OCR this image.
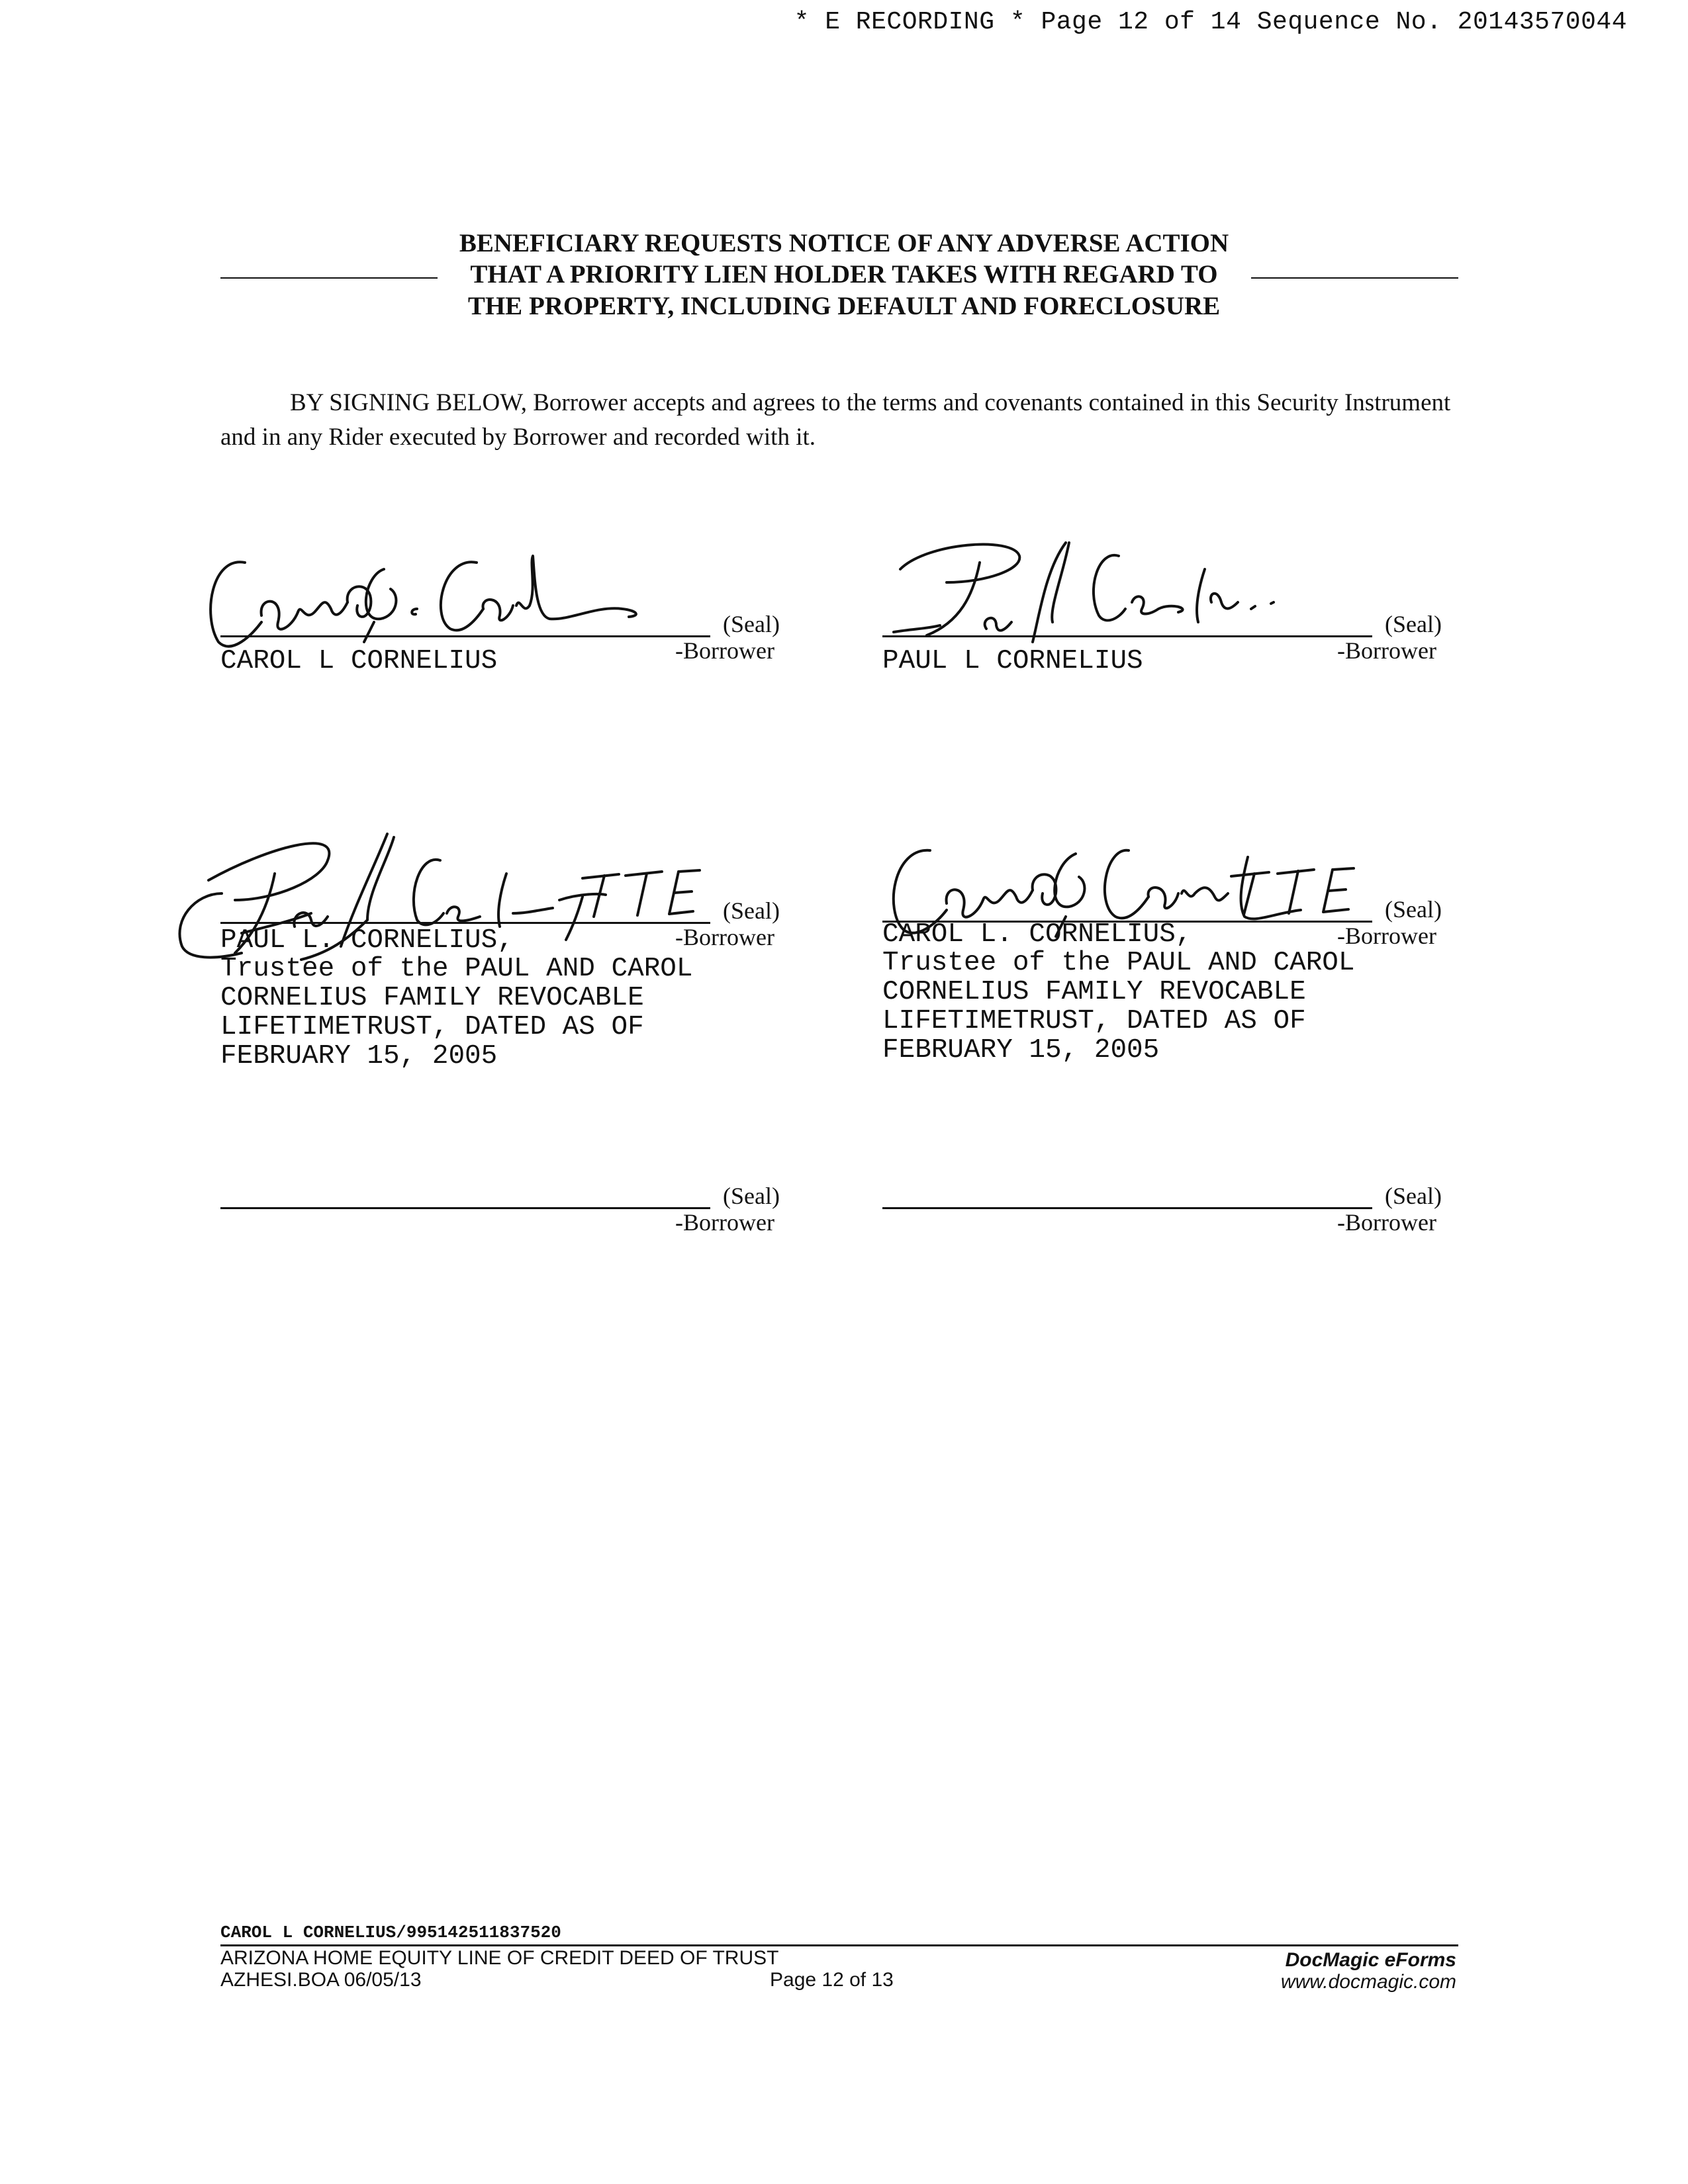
* E RECORDING * Page 12 of 14 Sequence No. 20143570044
BENEFICIARY REQUESTS NOTICE OF ANY ADVERSE ACTION
THAT A PRIORITY LIEN HOLDER TAKES WITH REGARD TO
THE PROPERTY, INCLUDING DEFAULT AND FORECLOSURE
BY SIGNING BELOW, Borrower accepts and agrees to the terms and covenants contained in this Security Instrument and in any Rider executed by Borrower and recorded with it.
(Seal)
-Borrower
CAROL L CORNELIUS
(Seal)
-Borrower
PAUL L CORNELIUS
TTE
(Seal)
-Borrower
PAUL L. CORNELIUS,
Trustee of the PAUL AND CAROL
CORNELIUS FAMILY REVOCABLE
LIFETIMETRUST, DATED AS OF
FEBRUARY 15, 2005
TTE
(Seal)
-Borrower
CAROL L. CORNELIUS,
Trustee of the PAUL AND CAROL
CORNELIUS FAMILY REVOCABLE
LIFETIMETRUST, DATED AS OF
FEBRUARY 15, 2005
(Seal)
-Borrower
(Seal)
-Borrower
CAROL L CORNELIUS/995142511837520
ARIZONA HOME EQUITY LINE OF CREDIT DEED OF TRUST
AZHESI.BOA 06/05/13	Page 12 of 13
DocMagic eForms
www.docmagic.com
